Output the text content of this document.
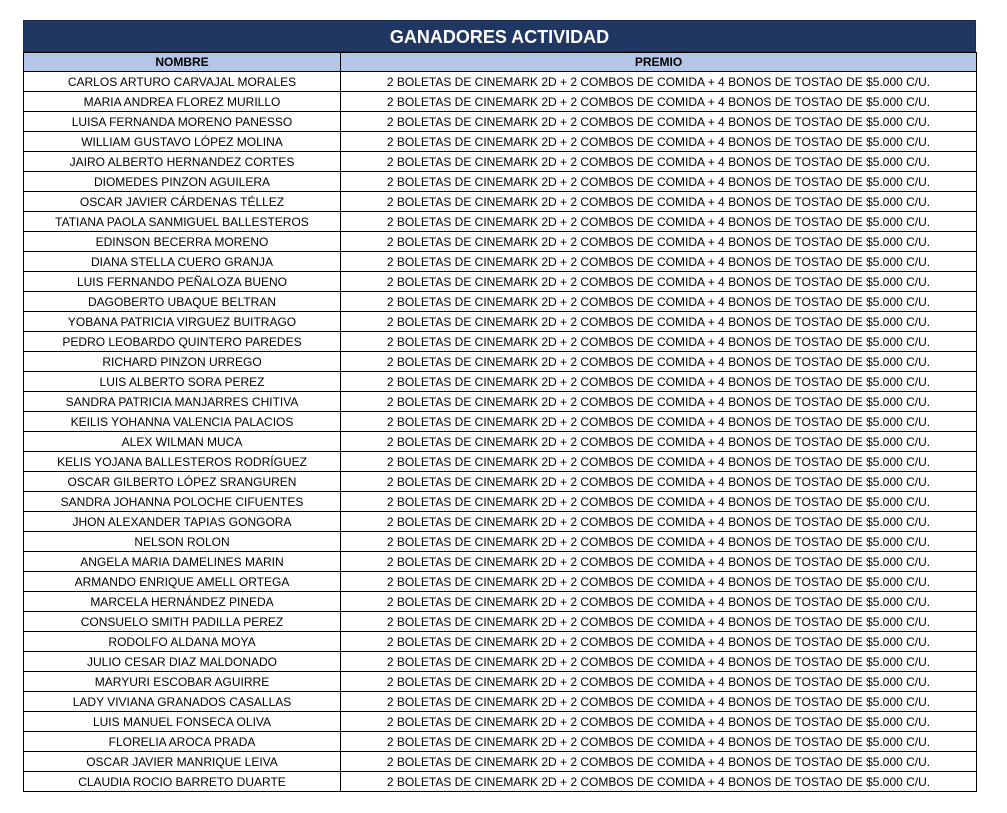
GANADORES ACTIVIDAD
NOMBRE	PREMIO
CARLOS ARTURO CARVAJAL MORALES	2 BOLETAS DE CINEMARK 2D + 2 COMBOS DE COMIDA + 4 BONOS DE TOSTAO DE $5.000 C/U.
MARIA ANDREA FLOREZ MURILLO	2 BOLETAS DE CINEMARK 2D + 2 COMBOS DE COMIDA + 4 BONOS DE TOSTAO DE $5.000 C/U.
LUISA FERNANDA MORENO PANESSO	2 BOLETAS DE CINEMARK 2D + 2 COMBOS DE COMIDA + 4 BONOS DE TOSTAO DE $5.000 C/U.
WILLIAM GUSTAVO LÓPEZ MOLINA	2 BOLETAS DE CINEMARK 2D + 2 COMBOS DE COMIDA + 4 BONOS DE TOSTAO DE $5.000 C/U.
JAIRO ALBERTO HERNANDEZ CORTES	2 BOLETAS DE CINEMARK 2D + 2 COMBOS DE COMIDA + 4 BONOS DE TOSTAO DE $5.000 C/U.
DIOMEDES PINZON AGUILERA	2 BOLETAS DE CINEMARK 2D + 2 COMBOS DE COMIDA + 4 BONOS DE TOSTAO DE $5.000 C/U.
OSCAR JAVIER CÁRDENAS TÉLLEZ	2 BOLETAS DE CINEMARK 2D + 2 COMBOS DE COMIDA + 4 BONOS DE TOSTAO DE $5.000 C/U.
TATIANA PAOLA SANMIGUEL BALLESTEROS	2 BOLETAS DE CINEMARK 2D + 2 COMBOS DE COMIDA + 4 BONOS DE TOSTAO DE $5.000 C/U.
EDINSON BECERRA MORENO	2 BOLETAS DE CINEMARK 2D + 2 COMBOS DE COMIDA + 4 BONOS DE TOSTAO DE $5.000 C/U.
DIANA STELLA CUERO GRANJA	2 BOLETAS DE CINEMARK 2D + 2 COMBOS DE COMIDA + 4 BONOS DE TOSTAO DE $5.000 C/U.
LUIS FERNANDO PEÑALOZA BUENO	2 BOLETAS DE CINEMARK 2D + 2 COMBOS DE COMIDA + 4 BONOS DE TOSTAO DE $5.000 C/U.
DAGOBERTO UBAQUE BELTRAN	2 BOLETAS DE CINEMARK 2D + 2 COMBOS DE COMIDA + 4 BONOS DE TOSTAO DE $5.000 C/U.
YOBANA PATRICIA VIRGUEZ BUITRAGO	2 BOLETAS DE CINEMARK 2D + 2 COMBOS DE COMIDA + 4 BONOS DE TOSTAO DE $5.000 C/U.
PEDRO LEOBARDO QUINTERO PAREDES	2 BOLETAS DE CINEMARK 2D + 2 COMBOS DE COMIDA + 4 BONOS DE TOSTAO DE $5.000 C/U.
RICHARD PINZON URREGO	2 BOLETAS DE CINEMARK 2D + 2 COMBOS DE COMIDA + 4 BONOS DE TOSTAO DE $5.000 C/U.
LUIS ALBERTO SORA PEREZ	2 BOLETAS DE CINEMARK 2D + 2 COMBOS DE COMIDA + 4 BONOS DE TOSTAO DE $5.000 C/U.
SANDRA PATRICIA MANJARRES CHITIVA	2 BOLETAS DE CINEMARK 2D + 2 COMBOS DE COMIDA + 4 BONOS DE TOSTAO DE $5.000 C/U.
KEILIS YOHANNA VALENCIA PALACIOS	2 BOLETAS DE CINEMARK 2D + 2 COMBOS DE COMIDA + 4 BONOS DE TOSTAO DE $5.000 C/U.
ALEX WILMAN MUCA	2 BOLETAS DE CINEMARK 2D + 2 COMBOS DE COMIDA + 4 BONOS DE TOSTAO DE $5.000 C/U.
KELIS YOJANA BALLESTEROS RODRÍGUEZ	2 BOLETAS DE CINEMARK 2D + 2 COMBOS DE COMIDA + 4 BONOS DE TOSTAO DE $5.000 C/U.
OSCAR GILBERTO LÓPEZ SRANGUREN	2 BOLETAS DE CINEMARK 2D + 2 COMBOS DE COMIDA + 4 BONOS DE TOSTAO DE $5.000 C/U.
SANDRA JOHANNA POLOCHE CIFUENTES	2 BOLETAS DE CINEMARK 2D + 2 COMBOS DE COMIDA + 4 BONOS DE TOSTAO DE $5.000 C/U.
JHON ALEXANDER TAPIAS GONGORA	2 BOLETAS DE CINEMARK 2D + 2 COMBOS DE COMIDA + 4 BONOS DE TOSTAO DE $5.000 C/U.
NELSON ROLON	2 BOLETAS DE CINEMARK 2D + 2 COMBOS DE COMIDA + 4 BONOS DE TOSTAO DE $5.000 C/U.
ANGELA MARIA DAMELINES MARIN	2 BOLETAS DE CINEMARK 2D + 2 COMBOS DE COMIDA + 4 BONOS DE TOSTAO DE $5.000 C/U.
ARMANDO ENRIQUE AMELL ORTEGA	2 BOLETAS DE CINEMARK 2D + 2 COMBOS DE COMIDA + 4 BONOS DE TOSTAO DE $5.000 C/U.
MARCELA HERNÁNDEZ PINEDA	2 BOLETAS DE CINEMARK 2D + 2 COMBOS DE COMIDA + 4 BONOS DE TOSTAO DE $5.000 C/U.
CONSUELO SMITH PADILLA PEREZ	2 BOLETAS DE CINEMARK 2D + 2 COMBOS DE COMIDA + 4 BONOS DE TOSTAO DE $5.000 C/U.
RODOLFO ALDANA MOYA	2 BOLETAS DE CINEMARK 2D + 2 COMBOS DE COMIDA + 4 BONOS DE TOSTAO DE $5.000 C/U.
JULIO CESAR DIAZ MALDONADO	2 BOLETAS DE CINEMARK 2D + 2 COMBOS DE COMIDA + 4 BONOS DE TOSTAO DE $5.000 C/U.
MARYURI ESCOBAR AGUIRRE	2 BOLETAS DE CINEMARK 2D + 2 COMBOS DE COMIDA + 4 BONOS DE TOSTAO DE $5.000 C/U.
LADY VIVIANA GRANADOS CASALLAS	2 BOLETAS DE CINEMARK 2D + 2 COMBOS DE COMIDA + 4 BONOS DE TOSTAO DE $5.000 C/U.
LUIS MANUEL FONSECA OLIVA	2 BOLETAS DE CINEMARK 2D + 2 COMBOS DE COMIDA + 4 BONOS DE TOSTAO DE $5.000 C/U.
FLORELIA AROCA PRADA	2 BOLETAS DE CINEMARK 2D + 2 COMBOS DE COMIDA + 4 BONOS DE TOSTAO DE $5.000 C/U.
OSCAR JAVIER MANRIQUE LEIVA	2 BOLETAS DE CINEMARK 2D + 2 COMBOS DE COMIDA + 4 BONOS DE TOSTAO DE $5.000 C/U.
CLAUDIA ROCIO BARRETO DUARTE	2 BOLETAS DE CINEMARK 2D + 2 COMBOS DE COMIDA + 4 BONOS DE TOSTAO DE $5.000 C/U.
